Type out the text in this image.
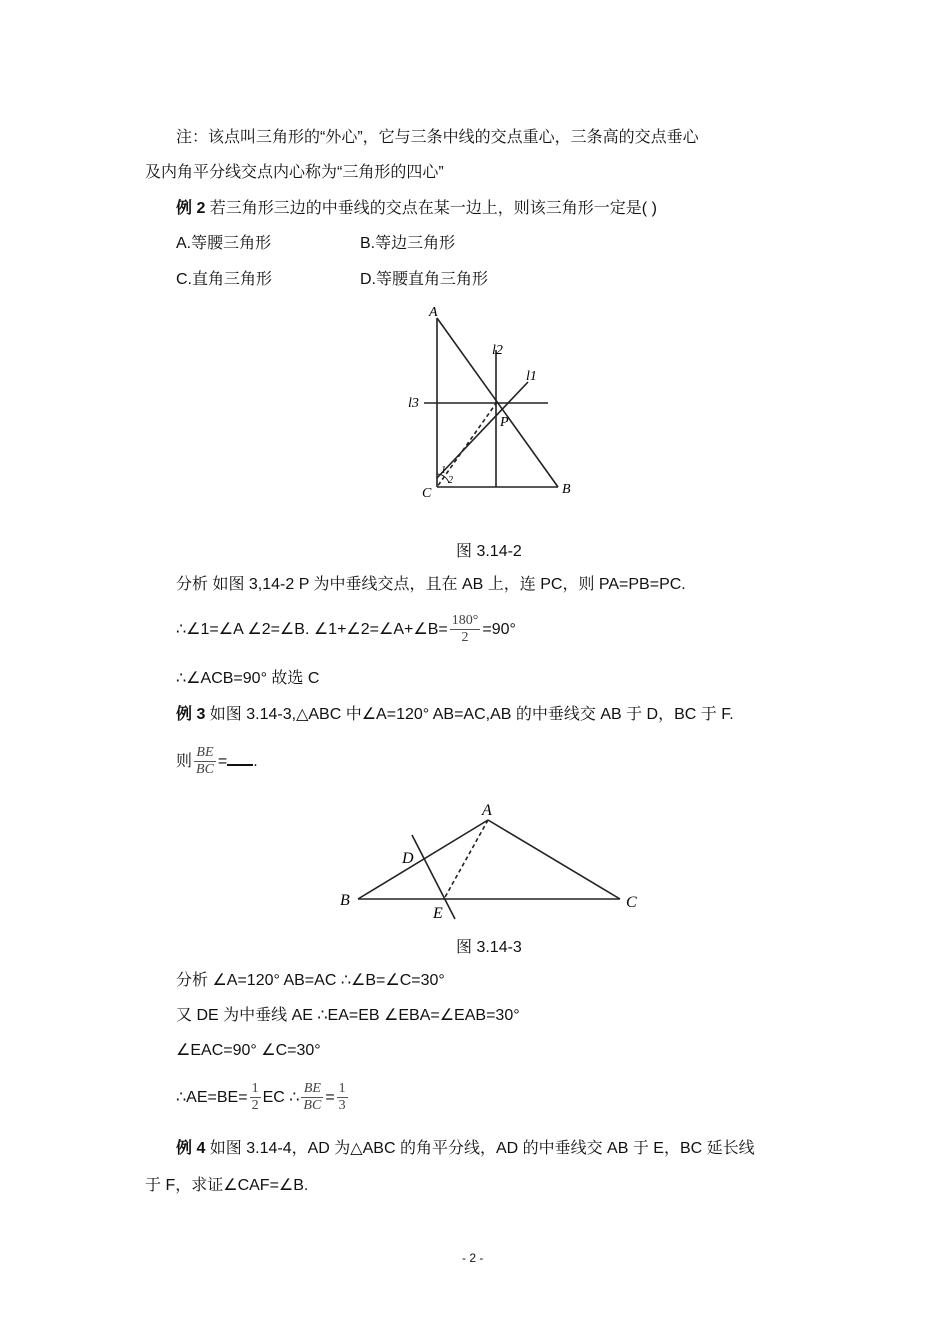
注：该点叫三角形的“外心”，它与三条中线的交点重心，三条高的交点垂心
及内角平分线交点内心称为“三角形的四心”
例 2 若三角形三边的中垂线的交点在某一边上，则该三角形一定是( )
A.等腰三角形	B.等边三角形
C.直角三角形	D.等腰直角三角形
A
l2
l1
l3
P
1
2
C	B
图 3.14-2
分析 如图 3,14-2 P 为中垂线交点，且在 AB 上，连 PC，则 PA=PB=PC.
∴∠1=∠A ∠2=∠B. ∠1+∠2=∠A+∠B= $\frac{180^\circ}{2} =90^\circ$
∴∠ACB=90° 故选 C
例 3 如图 3.14-3,△ABC 中∠A=120° AB=AC,AB 的中垂线交 AB 于 D，BC 于 F.
则 $\frac{BE}{BC}$ = .
A
D
B
E
C
图 3.14-3
分析 ∠A=120° AB=AC ∴∠B=∠C=30°
又 DE 为中垂线 AE ∴EA=EB ∠EBA=∠EAB=30°
∠EAC=90° ∠C=30°
∴AE=BE= $\frac{1}{2}$ EC ∴ $\frac{BE}{BC} = \frac{1}{3}$
例 4 如图 3.14-4，AD 为△ABC 的角平分线，AD 的中垂线交 AB 于 E，BC 延长线
于 F，求证∠CAF=∠B.
- 2 -
